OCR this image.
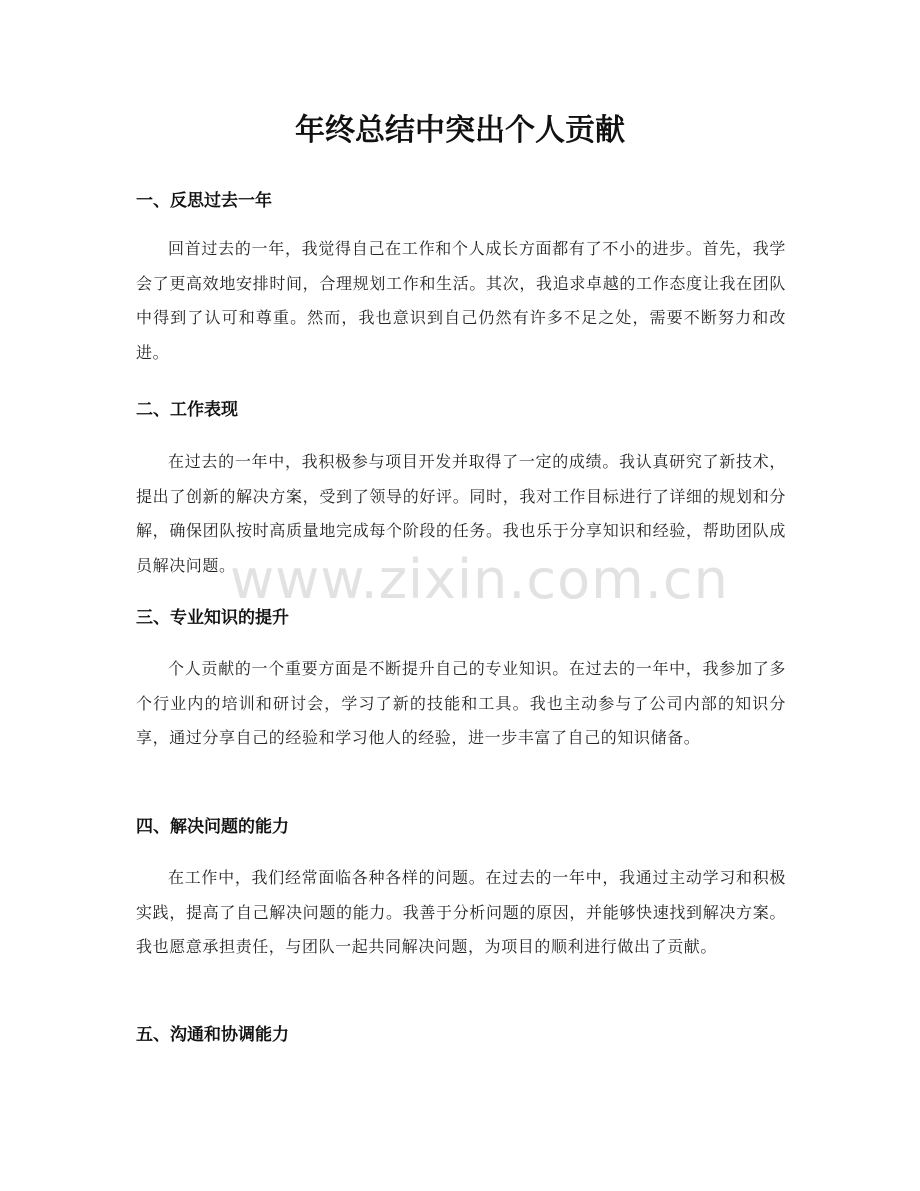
年终总结中突出个人贡献
一、反思过去一年

回首过去的一年，我觉得自己在工作和个人成长方面都有了不小的进步。首先，我学会了更高效地安排时间，合理规划工作和生活。其次，我追求卓越的工作态度让我在团队中得到了认可和尊重。然而，我也意识到自己仍然有许多不足之处，需要不断努力和改进。

二、工作表现

在过去的一年中，我积极参与项目开发并取得了一定的成绩。我认真研究了新技术，提出了创新的解决方案，受到了领导的好评。同时，我对工作目标进行了详细的规划和分解，确保团队按时高质量地完成每个阶段的任务。我也乐于分享知识和经验，帮助团队成员解决问题。

三、专业知识的提升

个人贡献的一个重要方面是不断提升自己的专业知识。在过去的一年中，我参加了多个行业内的培训和研讨会，学习了新的技能和工具。我也主动参与了公司内部的知识分享，通过分享自己的经验和学习他人的经验，进一步丰富了自己的知识储备。

四、解决问题的能力

在工作中，我们经常面临各种各样的问题。在过去的一年中，我通过主动学习和积极实践，提高了自己解决问题的能力。我善于分析问题的原因，并能够快速找到解决方案。我也愿意承担责任，与团队一起共同解决问题，为项目的顺利进行做出了贡献。

五、沟通和协调能力
www.zixin.com.cn
